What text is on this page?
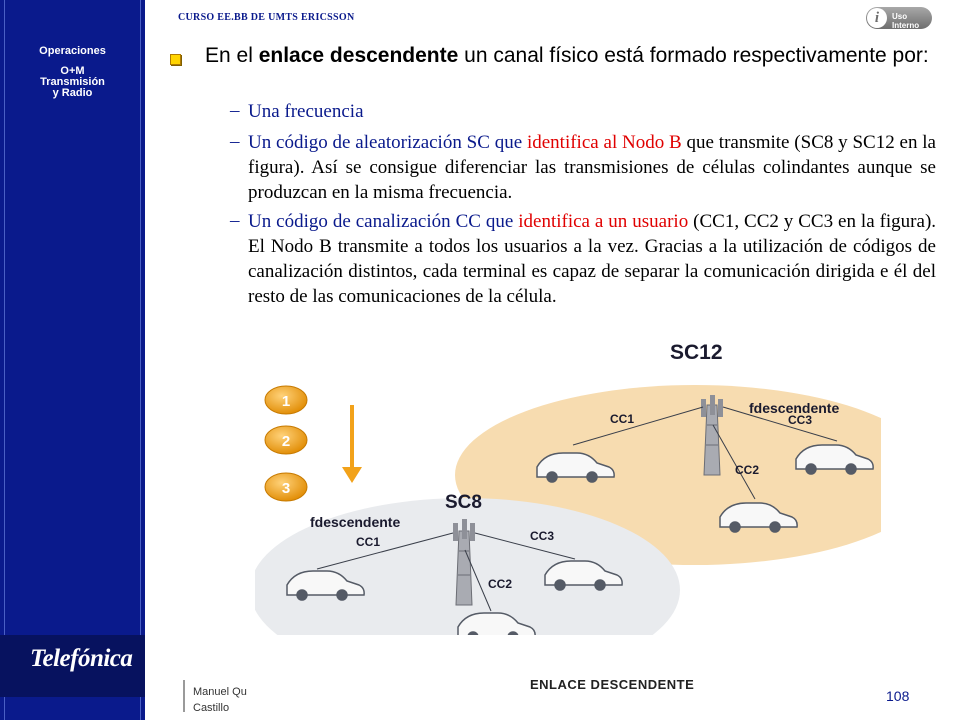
Operaciones
O+M
Transmisión
y Radio
Telefónica
CURSO EE.BB DE UMTS ERICSSON	i	Uso Interno

En el enlace descendente un canal físico está formado respectivamente por:

– Una frecuencia

– Un código de aleatorización SC que identifica al Nodo B que transmite (SC8 y SC12 en la figura). Así se consigue diferenciar las transmisiones de células colindantes aunque se produzcan en la misma frecuencia.

– Un código de canalización CC que identifica a un usuario (CC1, CC2 y CC3 en la figura). El Nodo B transmite a todos los usuarios a la vez. Gracias a la utilización de códigos de canalización distintos, cada terminal es capaz de separar la comunicación dirigida e él del resto de las comunicaciones de la célula.

1
2
3
SC12
SC8
fdescendente
fdescendente
CC1	CC3
CC2
CC1	CC3
CC2
Manuel Qu
Castillo
ENLACE DESCENDENTE
108
